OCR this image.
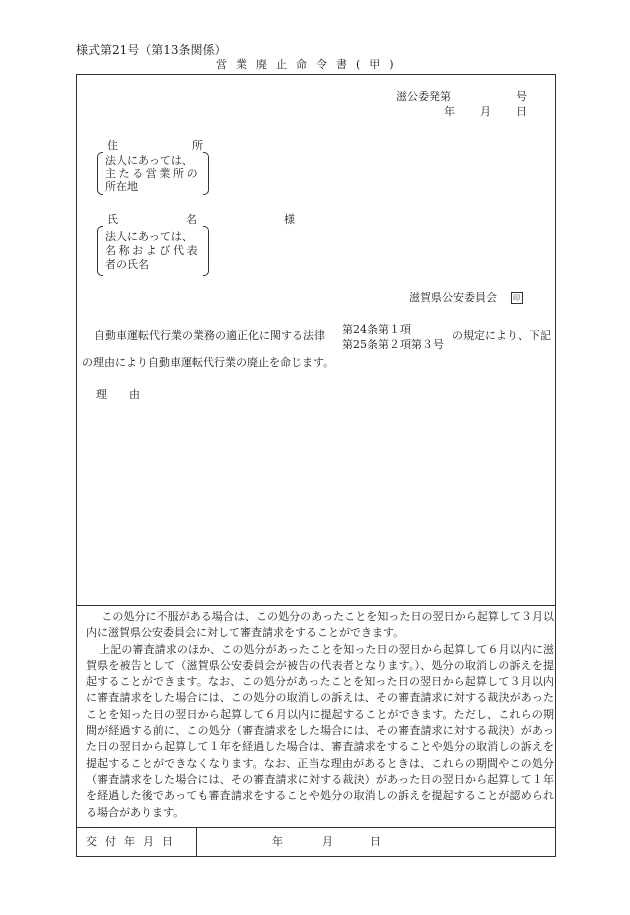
様式第21号（第13条関係）
営業廃止命令書(甲)
滋公委発第	号
年 月 日
住	所
法人にあっては、
主たる営業所の
所在地
氏	名	様
法人にあっては、
名称および代表
者の氏名
滋賀県公安委員会 印
自動車運転代行業の業務の適正化に関する法律 第24条第１項
第25条第２項第３号
の規定により、下記
の理由により自動車運転代行業の廃止を命じます。
理　　由

この処分に不服がある場合は、この処分のあったことを知った日の翌日から起算して３月以内に滋賀県公安委員会に対して審査請求をすることができます。

上記の審査請求のほか、この処分があったことを知った日の翌日から起算して６月以内に滋賀県を被告として（滋賀県公安委員会が被告の代表者となります。）、処分の取消しの訴えを提起することができます。なお、この処分があったことを知った日の翌日から起算して３月以内に審査請求をした場合には、この処分の取消しの訴えは、その審査請求に対する裁決があったことを知った日の翌日から起算して６月以内に提起することができます。ただし、これらの期間が経過する前に、この処分（審査請求をした場合には、その審査請求に対する裁決）があった日の翌日から起算して１年を経過した場合は、審査請求をすることや処分の取消しの訴えを提起することができなくなります。なお、正当な理由があるときは、これらの期間やこの処分（審査請求をした場合には、その審査請求に対する裁決）があった日の翌日から起算して１年を経過した後であっても審査請求をすることや処分の取消しの訴えを提起することが認められる場合があります。

交付年月日	年	月	日
